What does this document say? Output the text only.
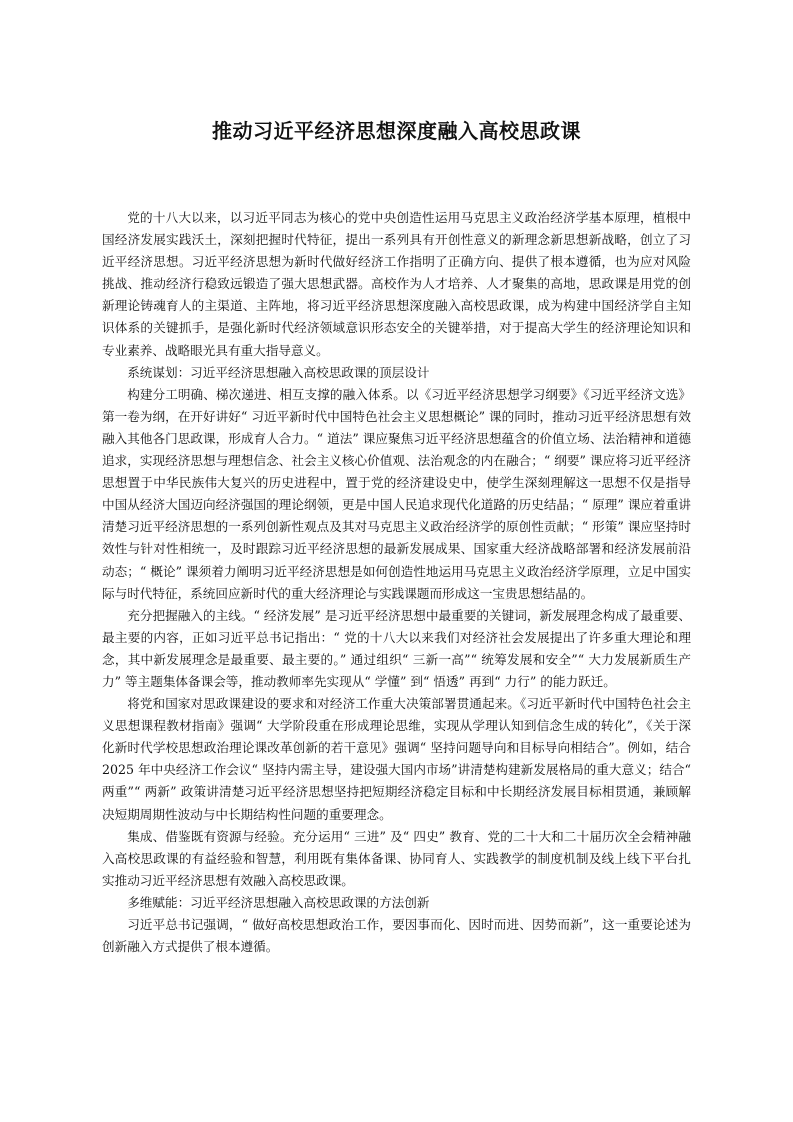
推动习近平经济思想深度融入高校思政课

党的十八大以来，以习近平同志为核心的党中央创造性运用马克思主义政治经济学基本原理，植根中国经济发展实践沃土，深刻把握时代特征，提出一系列具有开创性意义的新理念新思想新战略，创立了习近平经济思想。习近平经济思想为新时代做好经济工作指明了正确方向、提供了根本遵循，也为应对风险挑战、推动经济行稳致远锻造了强大思想武器。高校作为人才培养、人才聚集的高地，思政课是用党的创新理论铸魂育人的主渠道、主阵地，将习近平经济思想深度融入高校思政课，成为构建中国经济学自主知识体系的关键抓手，是强化新时代经济领域意识形态安全的关键举措，对于提高大学生的经济理论知识和专业素养、战略眼光具有重大指导意义。

系统谋划：习近平经济思想融入高校思政课的顶层设计

构建分工明确、梯次递进、相互支撑的融入体系。以《习近平经济思想学习纲要》《习近平经济文选》第一卷为纲，在开好讲好“ 习近平新时代中国特色社会主义思想概论” 课的同时，推动习近平经济思想有效融入其他各门思政课，形成育人合力。“ 道法” 课应聚焦习近平经济思想蕴含的价值立场、法治精神和道德追求，实现经济思想与理想信念、社会主义核心价值观、法治观念的内在融合；“ 纲要” 课应将习近平经济思想置于中华民族伟大复兴的历史进程中，置于党的经济建设史中，使学生深刻理解这一思想不仅是指导中国从经济大国迈向经济强国的理论纲领，更是中国人民追求现代化道路的历史结晶；“ 原理” 课应着重讲清楚习近平经济思想的一系列创新性观点及其对马克思主义政治经济学的原创性贡献；“ 形策” 课应坚持时效性与针对性相统一，及时跟踪习近平经济思想的最新发展成果、国家重大经济战略部署和经济发展前沿动态；“ 概论” 课须着力阐明习近平经济思想是如何创造性地运用马克思主义政治经济学原理，立足中国实际与时代特征，系统回应新时代的重大经济理论与实践课题而形成这一宝贵思想结晶的。

充分把握融入的主线。“ 经济发展” 是习近平经济思想中最重要的关键词，新发展理念构成了最重要、最主要的内容，正如习近平总书记指出：“ 党的十八大以来我们对经济社会发展提出了许多重大理论和理念，其中新发展理念是最重要、最主要的。” 通过组织“ 三新一高”“ 统筹发展和安全”“ 大力发展新质生产力” 等主题集体备课会等，推动教师率先实现从“ 学懂” 到“ 悟透” 再到“ 力行” 的能力跃迁。

将党和国家对思政课建设的要求和对经济工作重大决策部署贯通起来。《习近平新时代中国特色社会主义思想课程教材指南》强调“ 大学阶段重在形成理论思维，实现从学理认知到信念生成的转化”，《关于深化新时代学校思想政治理论课改革创新的若干意见》强调“ 坚持问题导向和目标导向相结合”。例如，结合 2025 年中央经济工作会议“ 坚持内需主导，建设强大国内市场”讲清楚构建新发展格局的重大意义；结合“ 两重”“ 两新” 政策讲清楚习近平经济思想坚持把短期经济稳定目标和中长期经济发展目标相贯通，兼顾解决短期周期性波动与中长期结构性问题的重要理念。

集成、借鉴既有资源与经验。充分运用“ 三进” 及“ 四史” 教育、党的二十大和二十届历次全会精神融入高校思政课的有益经验和智慧，利用既有集体备课、协同育人、实践教学的制度机制及线上线下平台扎实推动习近平经济思想有效融入高校思政课。

多维赋能：习近平经济思想融入高校思政课的方法创新

习近平总书记强调，“ 做好高校思想政治工作，要因事而化、因时而进、因势而新”，这一重要论述为创新融入方式提供了根本遵循。
